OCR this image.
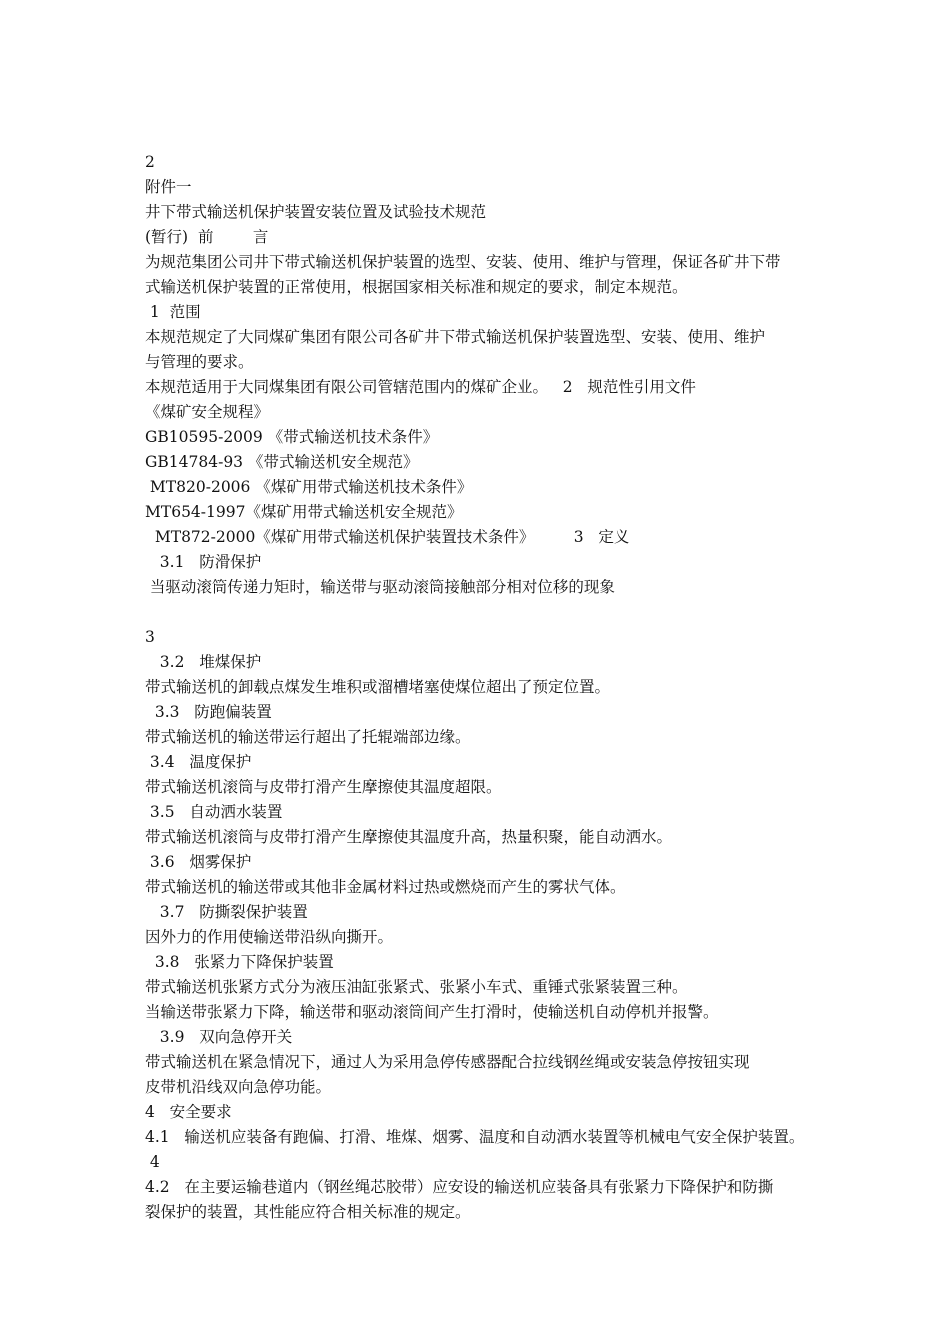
2
附件一
井下带式输送机保护装置安装位置及试验技术规范
(暂行)  前        言
为规范集团公司井下带式输送机保护装置的选型、安装、使用、维护与管理，保证各矿井下带
式输送机保护装置的正常使用，根据国家相关标准和规定的要求，制定本规范。
1  范围
本规范规定了大同煤矿集团有限公司各矿井下带式输送机保护装置选型、安装、使用、维护
与管理的要求。
本规范适用于大同煤集团有限公司管辖范围内的煤矿企业。   2   规范性引用文件
《煤矿安全规程》
GB10595-2009 《带式输送机技术条件》
GB14784-93 《带式输送机安全规范》
MT820-2006 《煤矿用带式输送机技术条件》
MT654-1997《煤矿用带式输送机安全规范》
MT872-2000《煤矿用带式输送机保护装置技术条件》        3   定义
3.1   防滑保护
当驱动滚筒传递力矩时，输送带与驱动滚筒接触部分相对位移的现象
3
3.2   堆煤保护
带式输送机的卸载点煤发生堆积或溜槽堵塞使煤位超出了预定位置。
3.3   防跑偏装置
带式输送机的输送带运行超出了托辊端部边缘。
3.4   温度保护
带式输送机滚筒与皮带打滑产生摩擦使其温度超限。
3.5   自动洒水装置
带式输送机滚筒与皮带打滑产生摩擦使其温度升高，热量积聚，能自动洒水。
3.6   烟雾保护
带式输送机的输送带或其他非金属材料过热或燃烧而产生的雾状气体。
3.7   防撕裂保护装置
因外力的作用使输送带沿纵向撕开。
3.8   张紧力下降保护装置
带式输送机张紧方式分为液压油缸张紧式、张紧小车式、重锤式张紧装置三种。
当输送带张紧力下降，输送带和驱动滚筒间产生打滑时，使输送机自动停机并报警。
3.9   双向急停开关
带式输送机在紧急情况下，通过人为采用急停传感器配合拉线钢丝绳或安装急停按钮实现
皮带机沿线双向急停功能。
4   安全要求
4.1   输送机应装备有跑偏、打滑、堆煤、烟雾、温度和自动洒水装置等机械电气安全保护装置。
4
4.2   在主要运输巷道内（钢丝绳芯胶带）应安设的输送机应装备具有张紧力下降保护和防撕
裂保护的装置，其性能应符合相关标准的规定。
